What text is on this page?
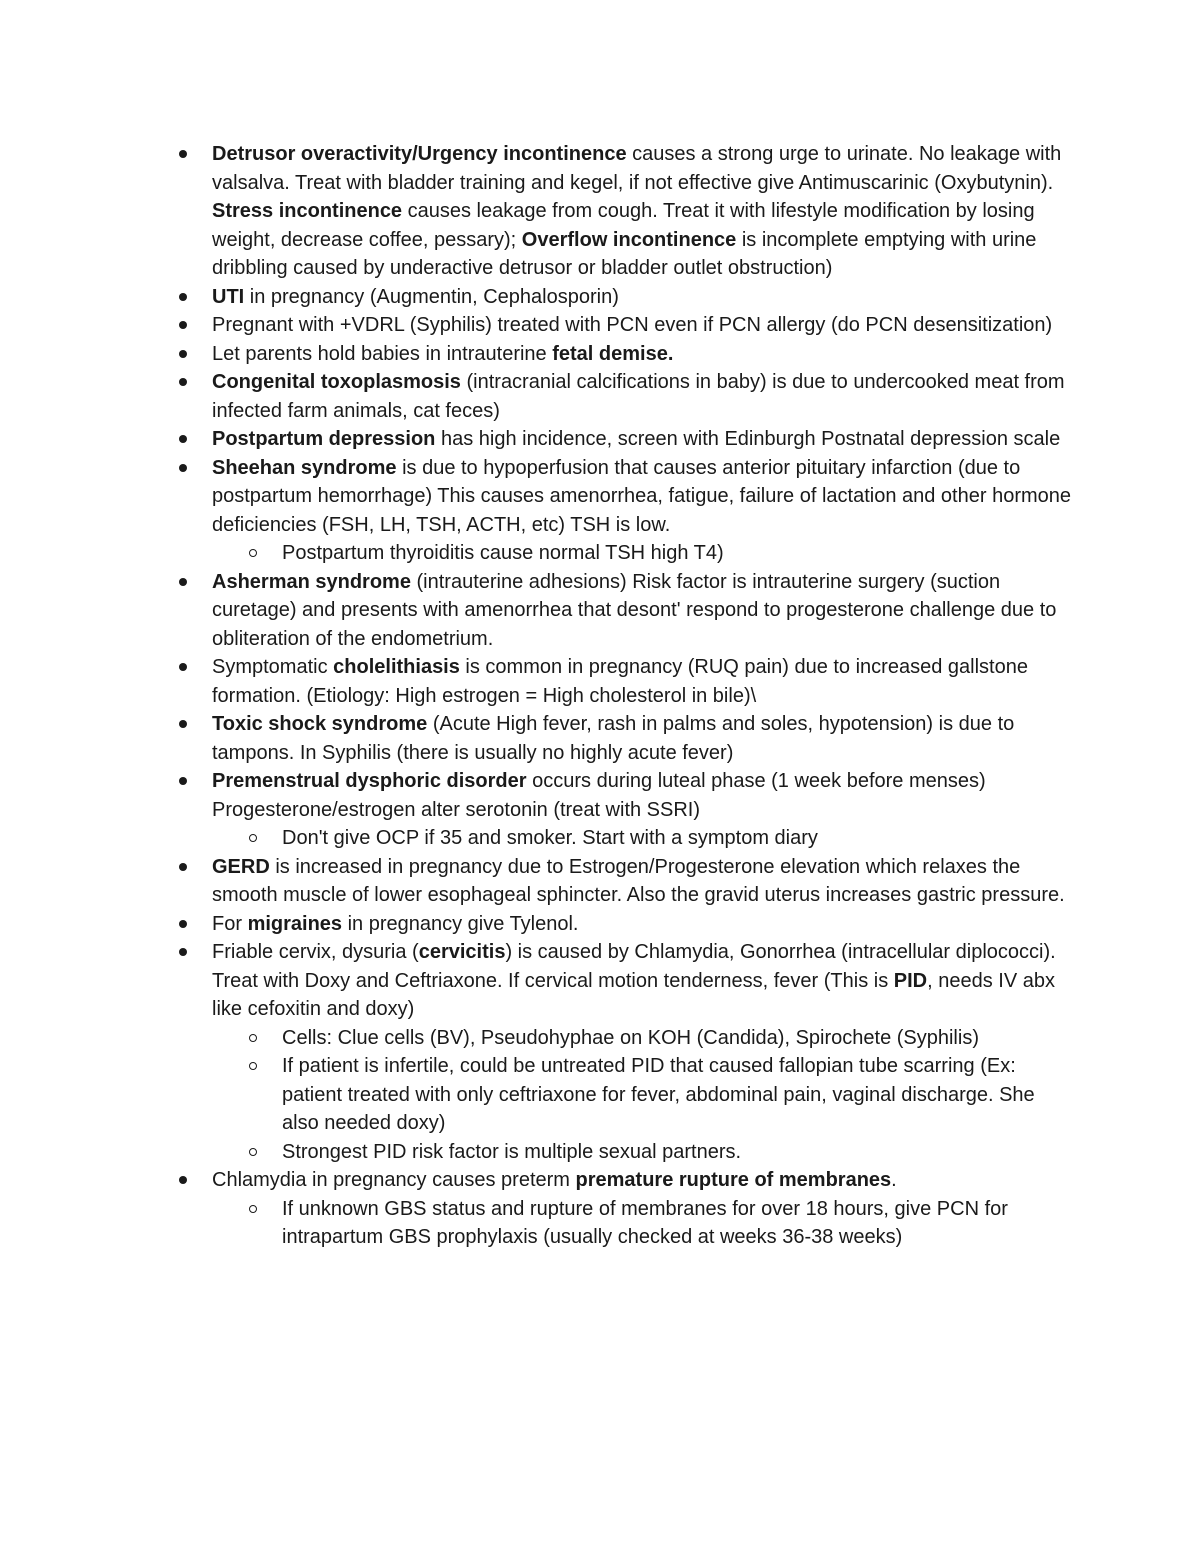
Detrusor overactivity/Urgency incontinence causes a strong urge to urinate. No leakage with valsalva. Treat with bladder training and kegel, if not effective give Antimuscarinic (Oxybutynin). Stress incontinence causes leakage from cough. Treat it with lifestyle modification by losing weight, decrease coffee, pessary); Overflow incontinence is incomplete emptying with urine dribbling caused by underactive detrusor or bladder outlet obstruction)
UTI in pregnancy (Augmentin, Cephalosporin)
Pregnant with +VDRL (Syphilis) treated with PCN even if PCN allergy (do PCN desensitization)
Let parents hold babies in intrauterine fetal demise.
Congenital toxoplasmosis (intracranial calcifications in baby) is due to undercooked meat from infected farm animals, cat feces)
Postpartum depression has high incidence, screen with Edinburgh Postnatal depression scale
Sheehan syndrome is due to hypoperfusion that causes anterior pituitary infarction (due to postpartum hemorrhage) This causes amenorrhea, fatigue, failure of lactation and other hormone deficiencies (FSH, LH, TSH, ACTH, etc) TSH is low.
Postpartum thyroiditis cause normal TSH high T4)
Asherman syndrome (intrauterine adhesions) Risk factor is intrauterine surgery (suction curetage) and presents with amenorrhea that desont' respond to progesterone challenge due to obliteration of the endometrium.
Symptomatic cholelithiasis is common in pregnancy (RUQ pain) due to increased gallstone formation. (Etiology: High estrogen = High cholesterol in bile)\
Toxic shock syndrome (Acute High fever, rash in palms and soles, hypotension) is due to tampons. In Syphilis (there is usually no highly acute fever)
Premenstrual dysphoric disorder occurs during luteal phase (1 week before menses) Progesterone/estrogen alter serotonin (treat with SSRI)
Don't give OCP if 35 and smoker. Start with a symptom diary
GERD is increased in pregnancy due to Estrogen/Progesterone elevation which relaxes the smooth muscle of lower esophageal sphincter. Also the gravid uterus increases gastric pressure.
For migraines in pregnancy give Tylenol.
Friable cervix, dysuria (cervicitis) is caused by Chlamydia, Gonorrhea (intracellular diplococci). Treat with Doxy and Ceftriaxone. If cervical motion tenderness, fever (This is PID, needs IV abx like cefoxitin and doxy)
Cells: Clue cells (BV), Pseudohyphae on KOH (Candida), Spirochete (Syphilis)
If patient is infertile, could be untreated PID that caused fallopian tube scarring (Ex: patient treated with only ceftriaxone for fever, abdominal pain, vaginal discharge. She also needed doxy)
Strongest PID risk factor is multiple sexual partners.
Chlamydia in pregnancy causes preterm premature rupture of membranes.
If unknown GBS status and rupture of membranes for over 18 hours, give PCN for intrapartum GBS prophylaxis (usually checked at weeks 36-38 weeks)
